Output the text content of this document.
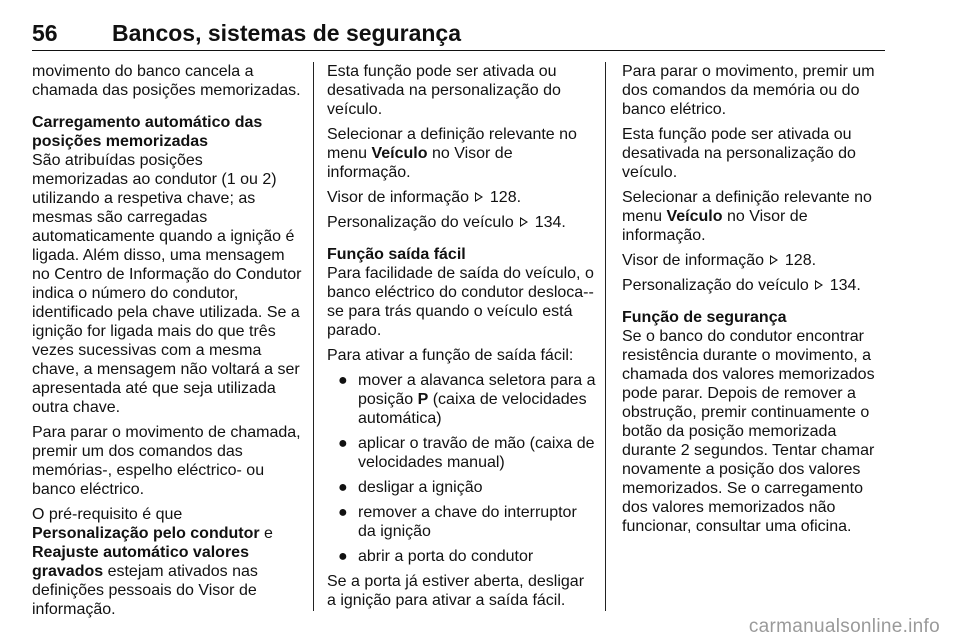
56 Bancos, sistemas de segurança

movimento do banco cancela a chamada das posições memorizadas.

Carregamento automático das posições memorizadas

São atribuídas posições memorizadas ao condutor (1 ou 2) utilizando a respetiva chave; as mesmas são carregadas automaticamente quando a ignição é ligada. Além disso, uma mensagem no Centro de Informação do Condutor indica o número do condutor, identificado pela chave utilizada. Se a ignição for ligada mais do que três vezes sucessivas com a mesma chave, a mensagem não voltará a ser apresentada até que seja utilizada outra chave.

Para parar o movimento de chamada, premir um dos comandos das memórias-, espelho eléctrico- ou banco eléctrico.

O pré-requisito é que Personalização pelo condutor e Reajuste automático valores gravados estejam ativados nas definições pessoais do Visor de informação.

Esta função pode ser ativada ou desativada na personalização do veículo.

Selecionar a definição relevante no menu Veículo no Visor de informação.

Visor de informação 128.

Personalização do veículo 134.

Função saída fácil

Para facilidade de saída do veículo, o banco eléctrico do condutor desloca--se para trás quando o veículo está parado.

Para ativar a função de saída fácil:

● mover a alavanca seletora para a posição P (caixa de velocidades automática)
● aplicar o travão de mão (caixa de velocidades manual)
● desligar a ignição
● remover a chave do interruptor da ignição
● abrir a porta do condutor

Se a porta já estiver aberta, desligar a ignição para ativar a saída fácil.

Para parar o movimento, premir um dos comandos da memória ou do banco elétrico.

Esta função pode ser ativada ou desativada na personalização do veículo.

Selecionar a definição relevante no menu Veículo no Visor de informação.

Visor de informação 128.

Personalização do veículo 134.

Função de segurança

Se o banco do condutor encontrar resistência durante o movimento, a chamada dos valores memorizados pode parar. Depois de remover a obstrução, premir continuamente o botão da posição memorizada durante 2 segundos. Tentar chamar novamente a posição dos valores memorizados. Se o carregamento dos valores memorizados não funcionar, consultar uma oficina.

carmanualsonline.info
